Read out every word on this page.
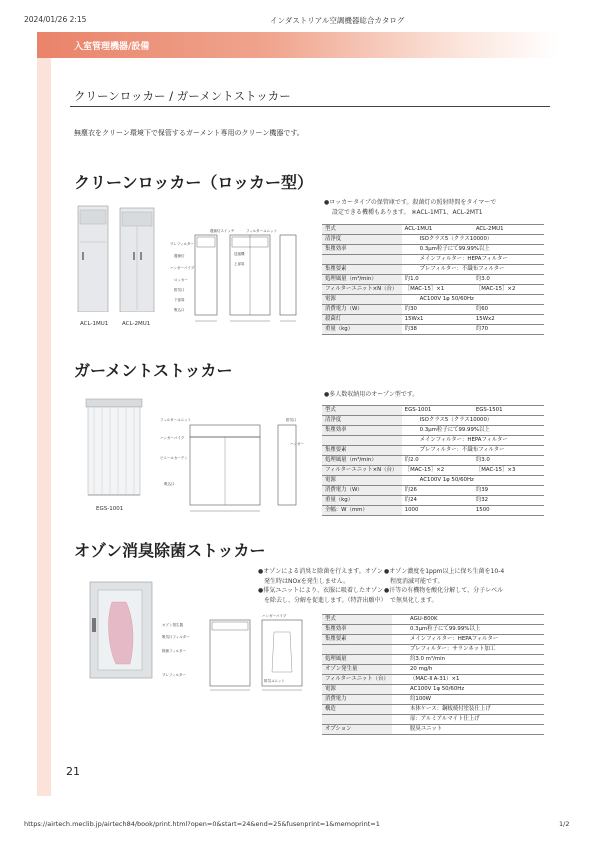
2024/01/26 2:15	インダストリアル空調機器総合カタログ
https://airtech.meclib.jp/airtech84/book/print.html?open=0&start=24&end=25&fusenprint=1&memoprint=1	1/2
入室管理機器/設備
クリーンロッカー / ガーメントストッカー
無塵衣をクリーン環境下で保管するガーメント専用のクリーン機器です。
クリーンロッカー（ロッカー型）
●ロッカータイプの保管庫です。殺菌灯の照射時間をタイマーで
設定できる機種もあります。 ※ACL-1MT1、ACL-2MT1
ACL-1MU1	ACL-2MU1
プレフィルター
殺菌灯
ハンガーパイプ
ロッカー
排気口
下部扉
吸込口
殺菌灯スイッチ
送風機
フィルターユニット
上部扉
型式	ACL-1MU1	ACL-2MU1
清浄度	ISOクラス5（クラス10000）	
集塵効率	0.3μm粒子にて99.99%以上	
	メインフィルター：HEPAフィルター	
集塵要素	プレフィルター：不織布フィルター	
処理風量（m³/min）	約1.0	約3.0
フィルターユニット×N（台）	［MAC-15］×1	［MAC-15］×2
電源	AC100V 1φ 50/60Hz	
消費電力（W）	約30	約60
殺菌灯	15Wx1	15Wx2
重量（kg）	約38	約70
ガーメントストッカー
●多人数収納用のオープン型です。
EGS-1001
フィルターユニット	排気口
ハンガー
ハンガーパイプ
ビニールカーテン
吸込口
型式	EGS-1001	EGS-1501
清浄度	ISOクラス5（クラス10000）	
集塵効率	0.3μm粒子にて99.99%以上	
	メインフィルター：HEPAフィルター	
集塵要素	プレフィルター：不織布フィルター	
処理風量（m³/min）	約2.0	約3.0
フィルターユニット×N（台）	［MAC-15］×2	［MAC-15］×3
電源	AC100V 1φ 50/60Hz	
消費電力（W）	約26	約39
重量（kg）	約24	約32
全幅：W（mm）	1000	1500
オゾン消臭除菌ストッカー
●オゾンによる消臭と除菌を行えます。オゾン
発生時はNOxを発生しません。
●排気ユニットにより、衣服に吸着したオゾン
を除去し、分解を促進します。（特許出願中）
●オゾン濃度を1ppm以上に保ち生菌を10-4
程度消滅可能です。
●汗等の有機物を酸化分解して、分子レベル
で無臭化します。
オゾン発生器
吸気口フィルター
除菌フィルター
プレフィルター
排気ユニット
ハンガーパイプ	型式	AGU-800K
集塵効率	0.3μm粒子にて99.99%以上
集塵要素	メインフィルター：HEPAフィルター
	プレフィルター：サランネット加工
処理風量	約3.0 m³/min
オゾン発生量	20 mg/h
フィルターユニット（台）	（MAC-Ⅱ A-31）×1
電源	AC100V 1φ 50/60Hz
消費電力	約100W
構造	本体ケース：鋼板焼付塗装仕上げ
	扉：アルミアルマイト仕上げ
オプション	脱臭ユニット
21
